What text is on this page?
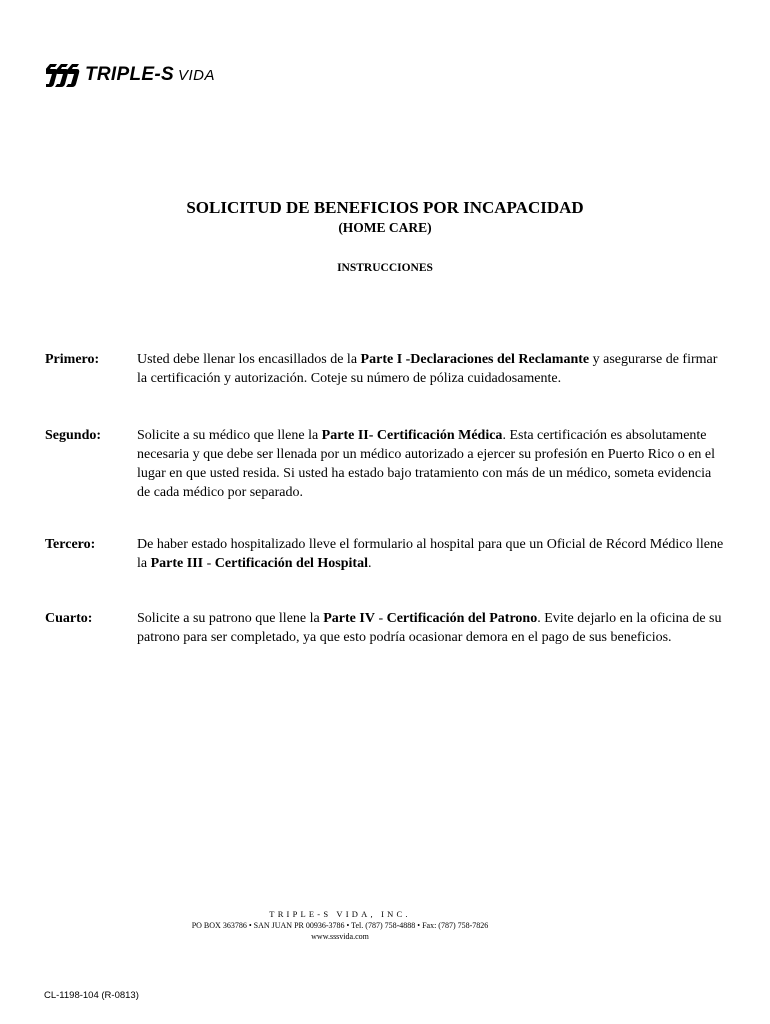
TRIPLE-S VIDA
SOLICITUD DE BENEFICIOS POR INCAPACIDAD
(HOME CARE)
INSTRUCCIONES
Primero:	Usted debe llenar los encasillados de la Parte I -Declaraciones del Reclamante y asegurarse de firmar la certificación y autorización. Coteje su número de póliza cuidadosamente.
Segundo:	Solicite a su médico que llene la Parte II- Certificación Médica. Esta certificación es absolutamente necesaria y que debe ser llenada por un médico autorizado a ejercer su profesión en Puerto Rico o en el lugar en que usted resida. Si usted ha estado bajo tratamiento con más de un médico, someta evidencia de cada médico por separado.
Tercero:	De haber estado hospitalizado lleve el formulario al hospital para que un Oficial de Récord Médico llene la Parte III - Certificación del Hospital.
Cuarto:	Solicite a su patrono que llene la Parte IV - Certificación del Patrono. Evite dejarlo en la oficina de su patrono para ser completado, ya que esto podría ocasionar demora en el pago de sus beneficios.
TRIPLE-S VIDA, INC.
PO BOX 363786 • SAN JUAN PR 00936-3786 • Tel. (787) 758-4888 • Fax: (787) 758-7826
www.sssvida.com
CL-1198-104 (R-0813)
